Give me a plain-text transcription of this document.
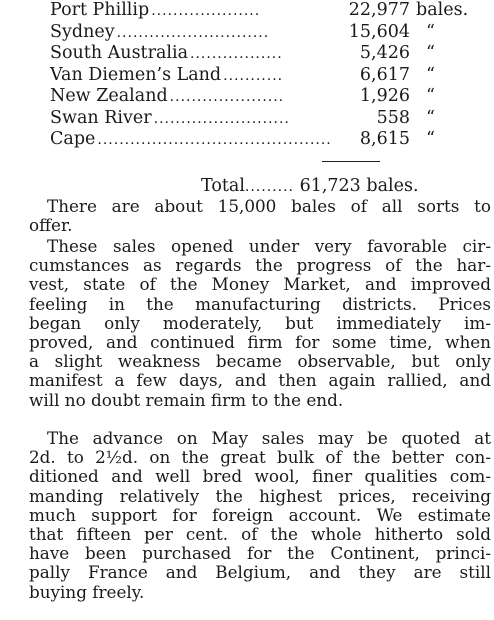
Port Phillip ....................	22,977 bales.
Sydney ............................	15,604 “
South Australia .................	5,426 “
Van Diemen’s Land ...........	6,617 “
New Zealand .....................	1,926 “
Swan River .........................	558 “
Cape ...........................................	8,615 “
Total......... 61,723 bales.

There are about 15,000 bales of all sorts to
offer.

These sales opened under very favorable cir-
cumstances as regards the progress of the har-
vest, state of the Money Market, and improved
feeling in the manufacturing districts. Prices
began only moderately, but immediately im-
proved, and continued firm for some time, when
a slight weakness became observable, but only
manifest a few days, and then again rallied, and
will no doubt remain firm to the end.

The advance on May sales may be quoted at
2d. to 2½d. on the great bulk of the better con-
ditioned and well bred wool, finer qualities com-
manding relatively the highest prices, receiving
much support for foreign account. We estimate
that fifteen per cent. of the whole hitherto sold
have been purchased for the Continent, princi-
pally France and Belgium, and they are still
buying freely.
